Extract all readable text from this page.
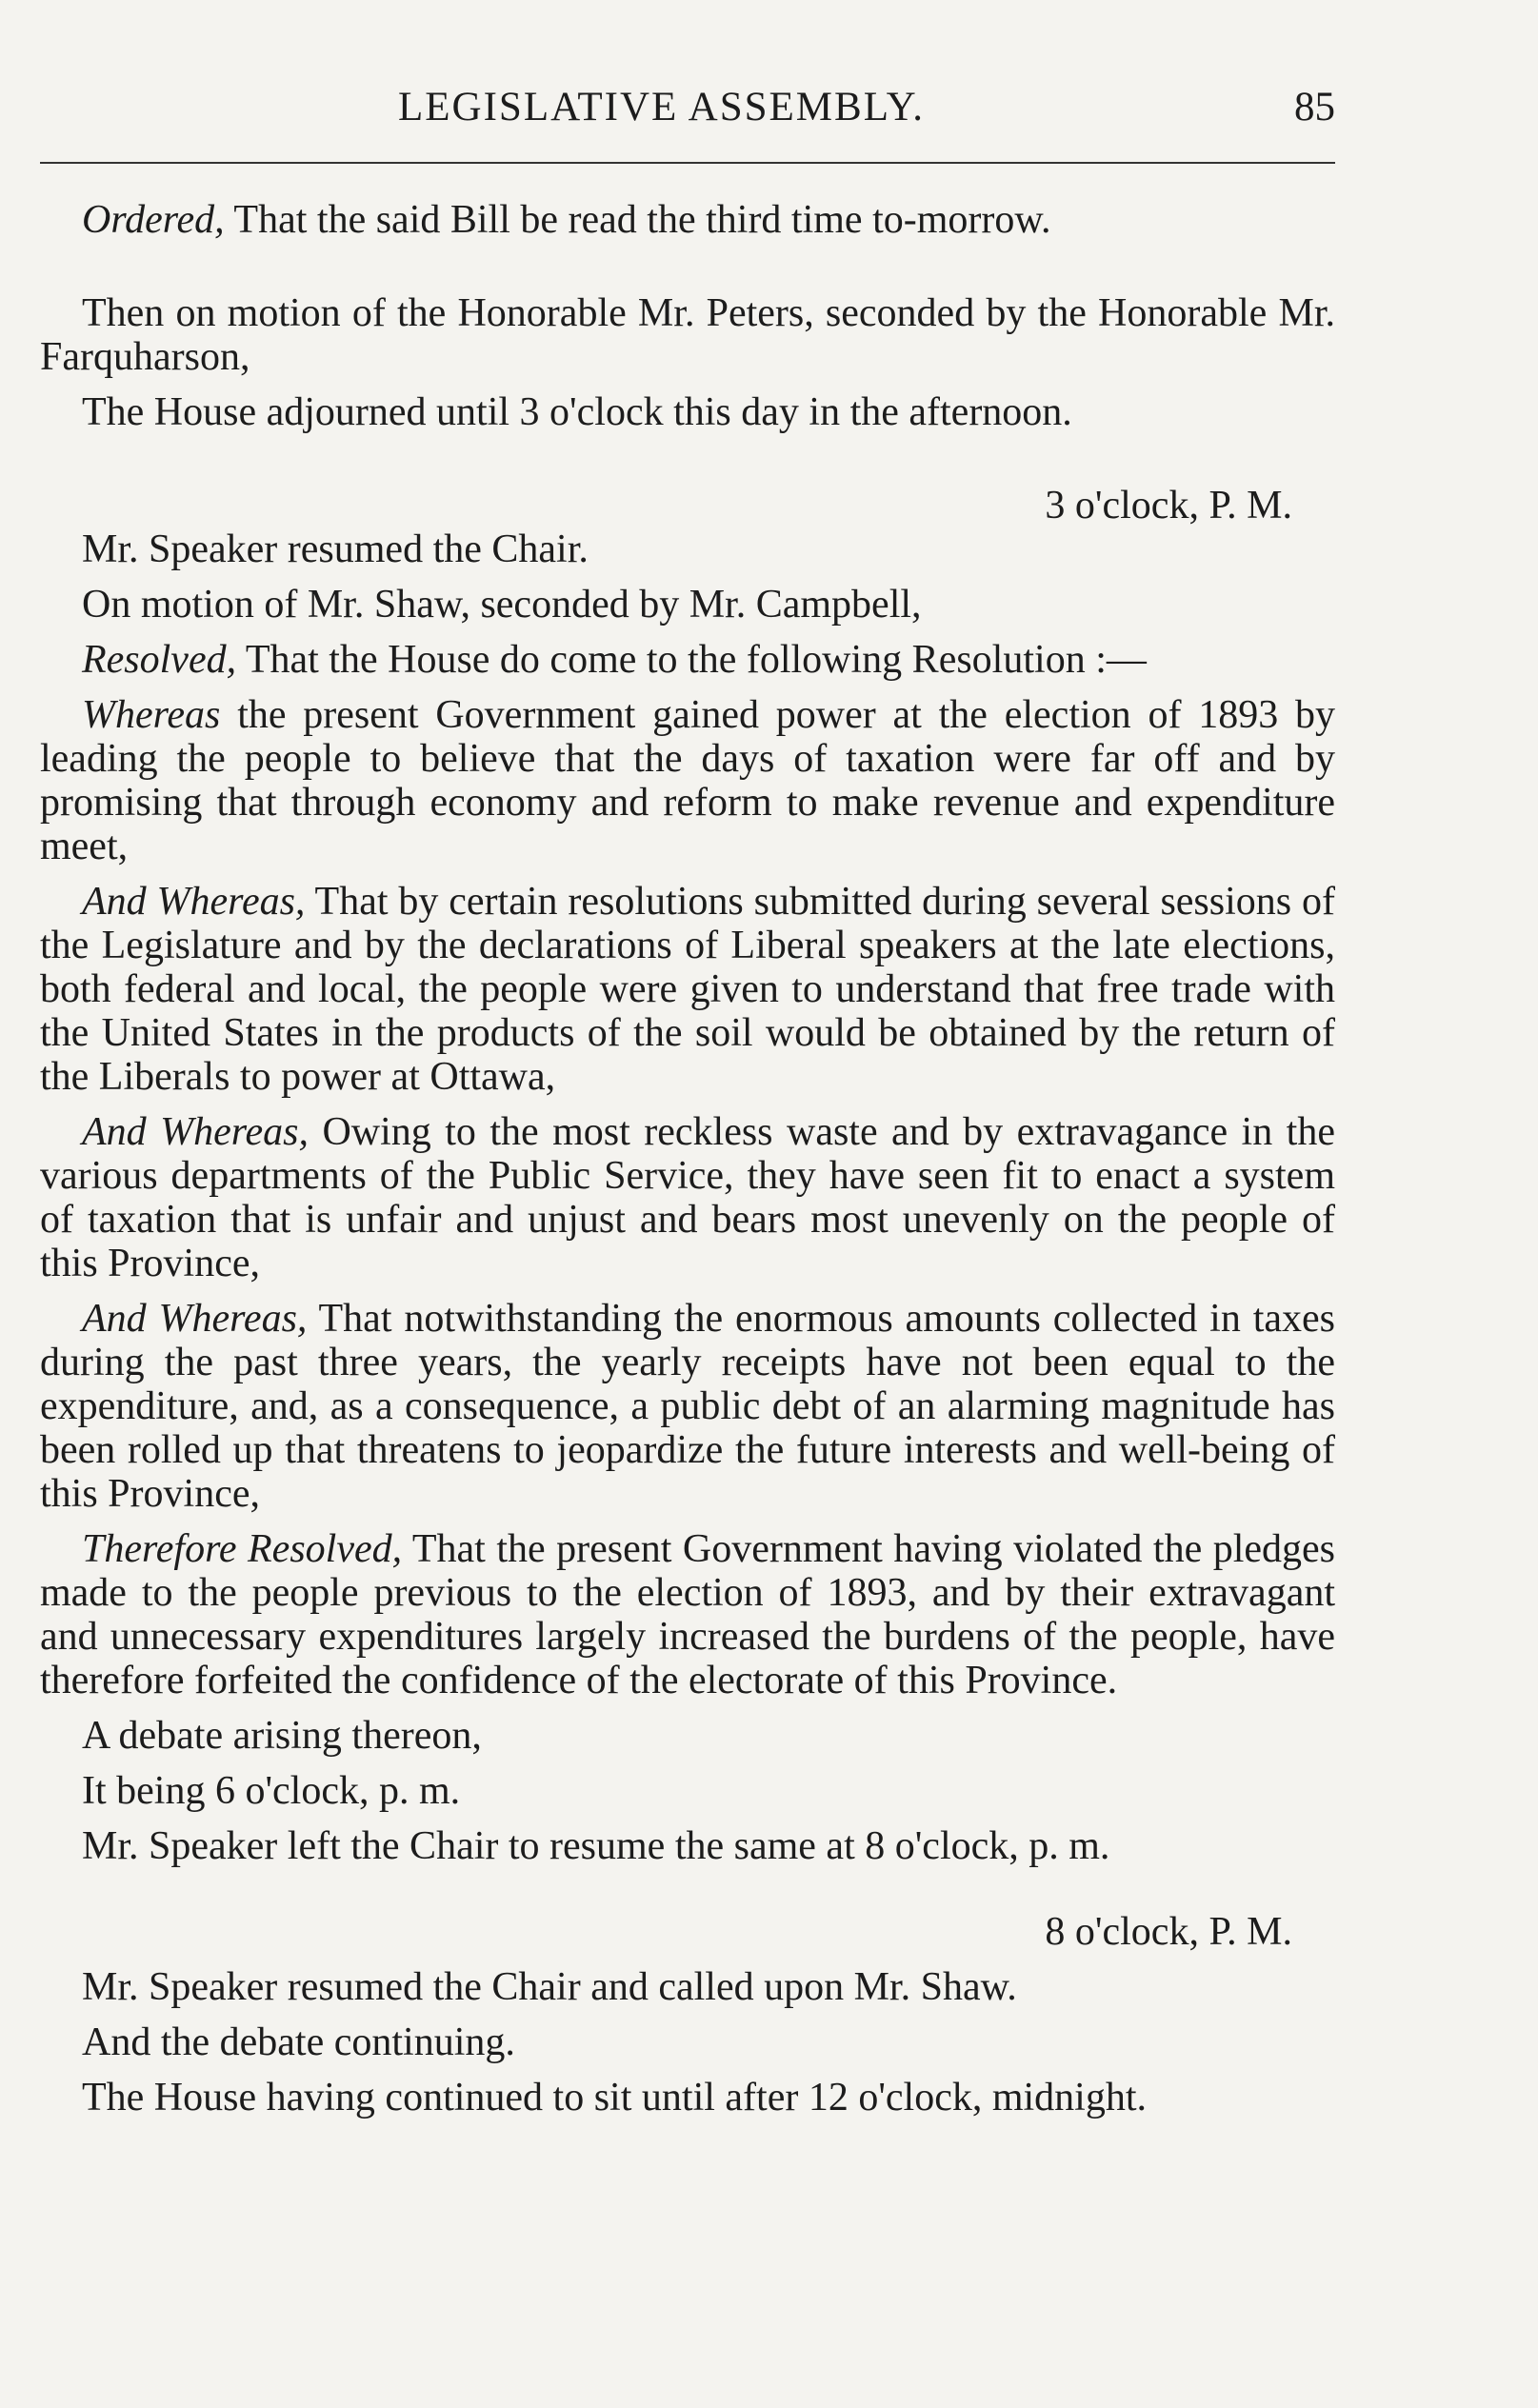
LEGISLATIVE ASSEMBLY.	85

Ordered, That the said Bill be read the third time to-morrow.

Then on motion of the Honorable Mr. Peters, seconded by the Honorable Mr. Farquharson,

The House adjourned until 3 o'clock this day in the afternoon.

3 o'clock, P. M.

Mr. Speaker resumed the Chair.

On motion of Mr. Shaw, seconded by Mr. Campbell,

Resolved, That the House do come to the following Resolution :—

Whereas the present Government gained power at the election of 1893 by leading the people to believe that the days of taxation were far off and by promising that through economy and reform to make revenue and expenditure meet,

And Whereas, That by certain resolutions submitted during several sessions of the Legislature and by the declarations of Liberal speakers at the late elections, both federal and local, the people were given to understand that free trade with the United States in the products of the soil would be obtained by the return of the Liberals to power at Ottawa,

And Whereas, Owing to the most reckless waste and by extravagance in the various departments of the Public Service, they have seen fit to enact a system of taxation that is unfair and unjust and bears most unevenly on the people of this Province,

And Whereas, That notwithstanding the enormous amounts collected in taxes during the past three years, the yearly receipts have not been equal to the expenditure, and, as a consequence, a public debt of an alarming magnitude has been rolled up that threatens to jeopardize the future interests and well-being of this Province,

Therefore Resolved, That the present Government having violated the pledges made to the people previous to the election of 1893, and by their extravagant and unnecessary expenditures largely increased the burdens of the people, have therefore forfeited the confidence of the electorate of this Province.

A debate arising thereon,

It being 6 o'clock, p. m.

Mr. Speaker left the Chair to resume the same at 8 o'clock, p. m.

8 o'clock, P. M.

Mr. Speaker resumed the Chair and called upon Mr. Shaw.

And the debate continuing.

The House having continued to sit until after 12 o'clock, midnight.
